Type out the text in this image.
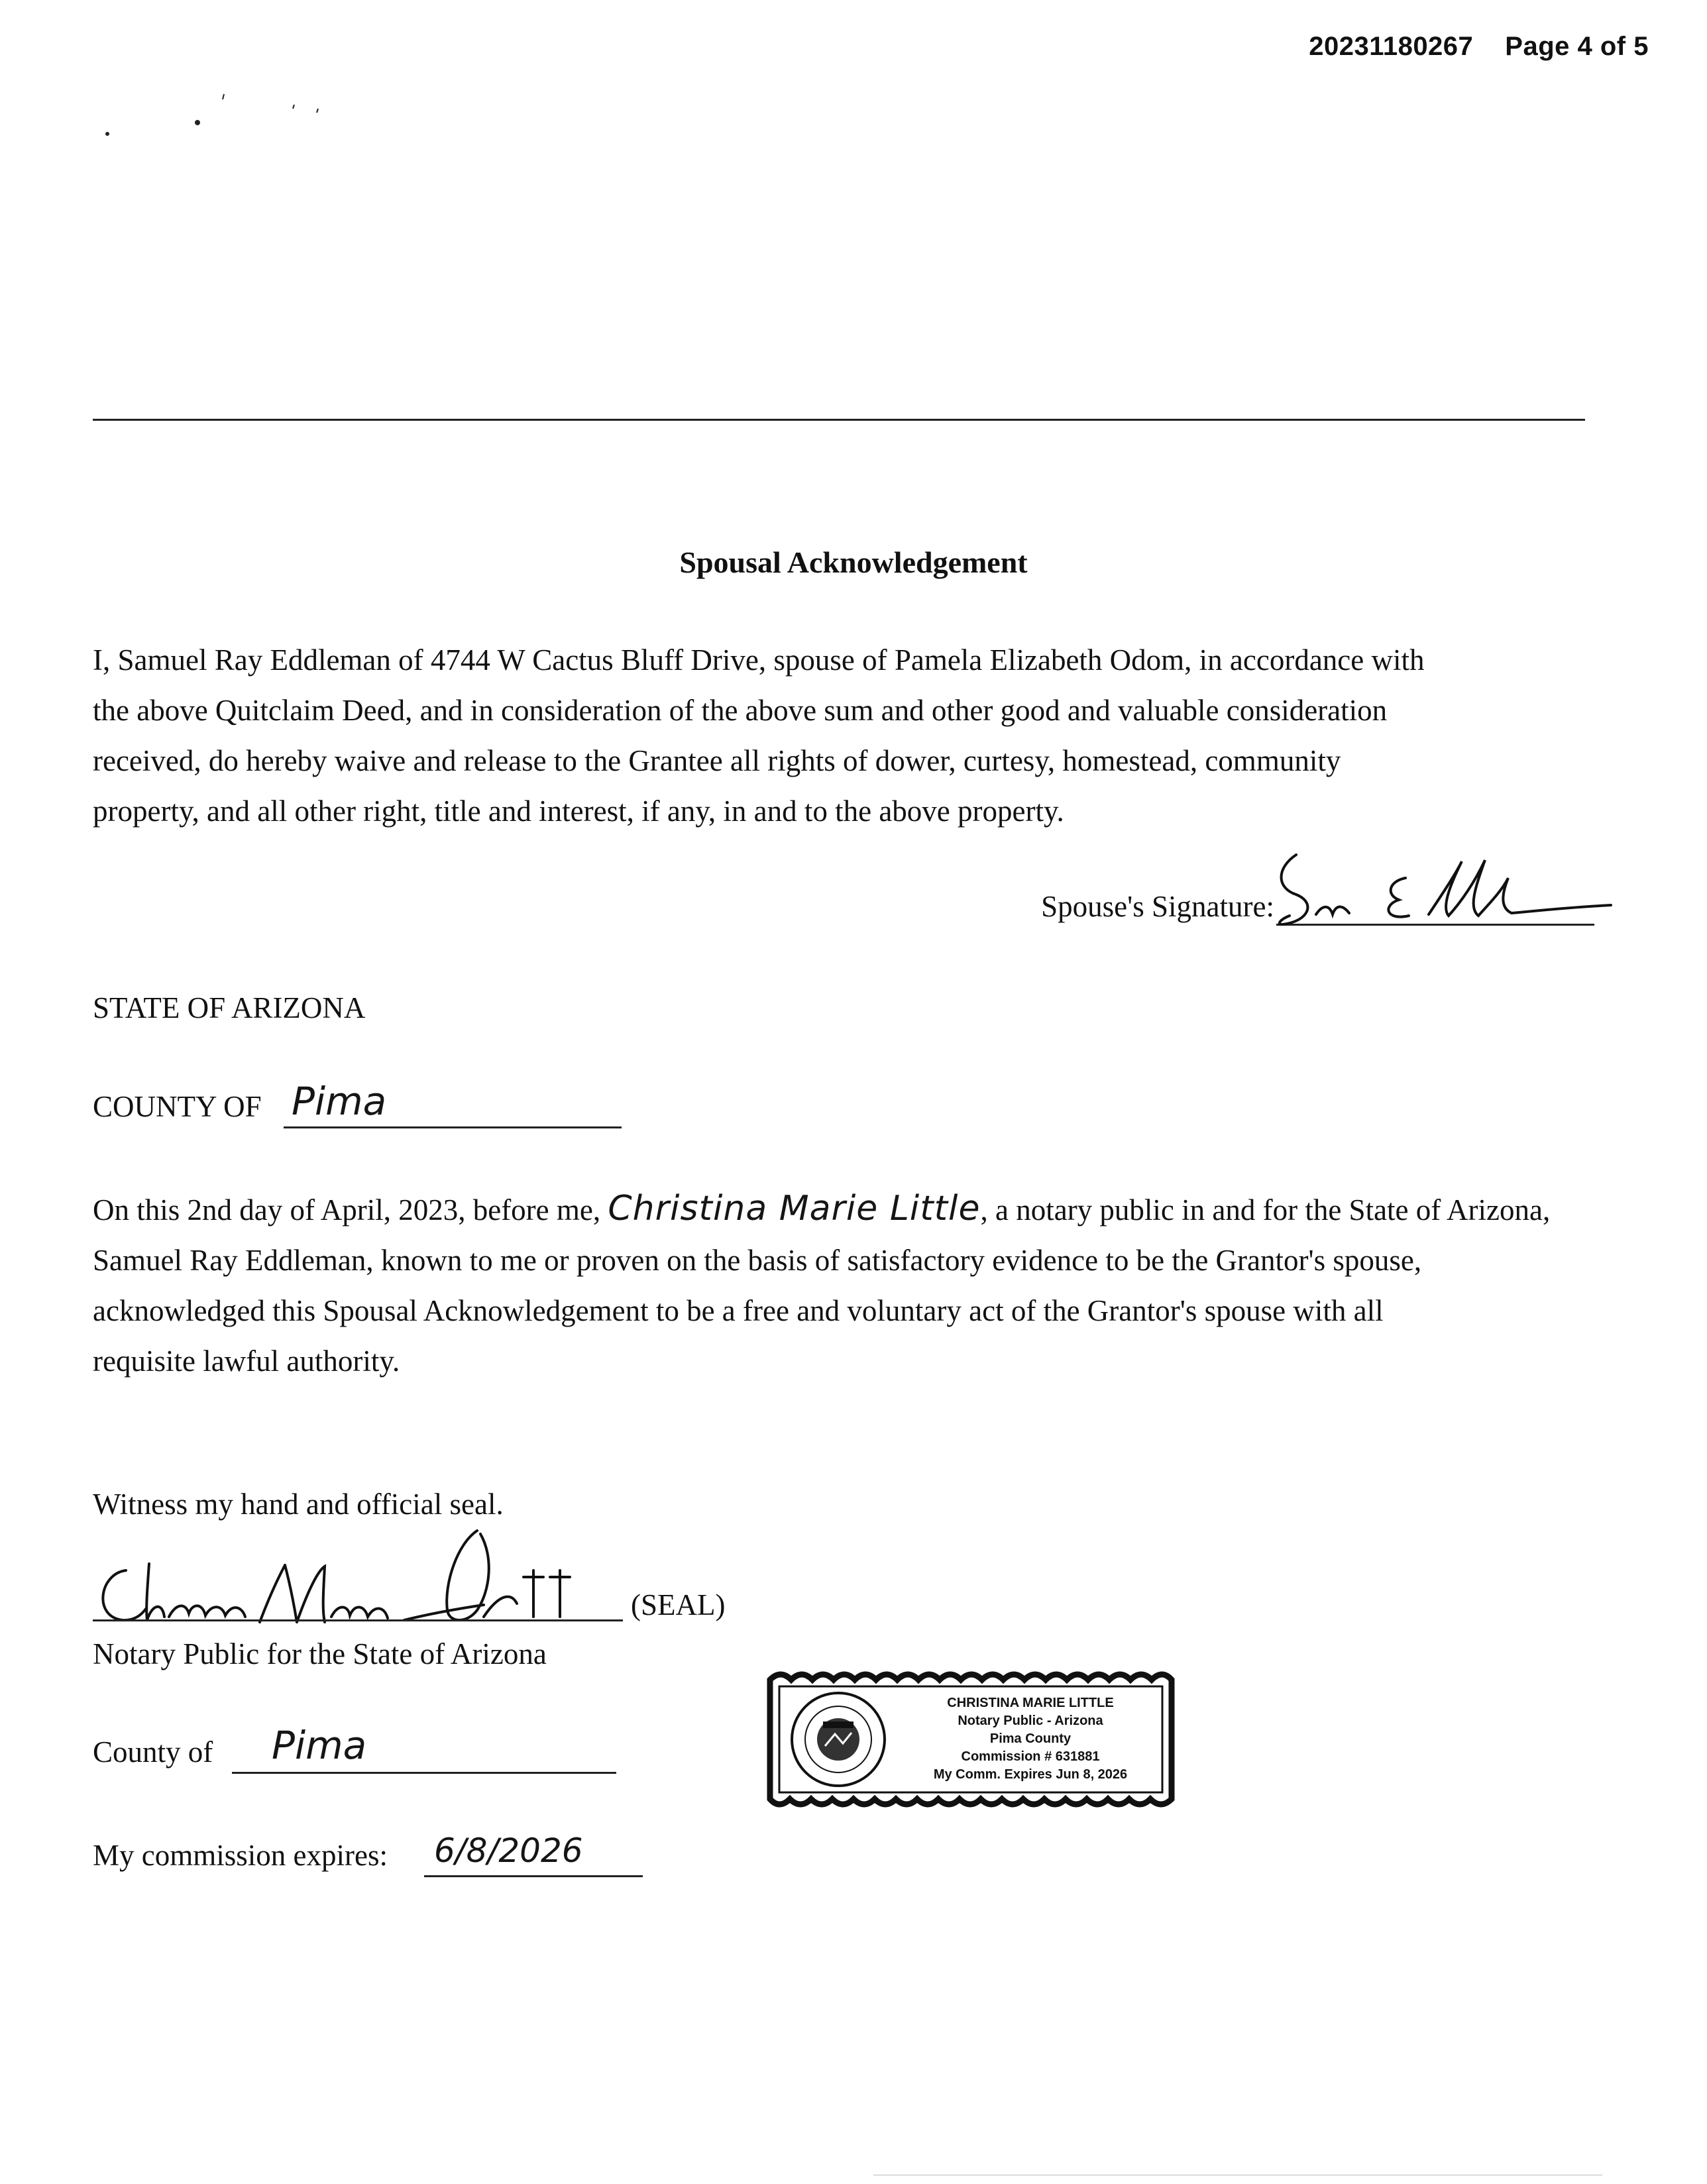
20231180267 Page 4 of 5
Spousal Acknowledgement
I, Samuel Ray Eddleman of 4744 W Cactus Bluff Drive, spouse of Pamela Elizabeth Odom, in accordance with
the above Quitclaim Deed, and in consideration of the above sum and other good and valuable consideration
received, do hereby waive and release to the Grantee all rights of dower, curtesy, homestead, community
property, and all other right, title and interest, if any, in and to the above property.
Spouse's Signature:
STATE OF ARIZONA
COUNTY OF Pima
On this 2nd day of April, 2023, before me, Christina Marie Little, a notary public in and for the State of Arizona,
Samuel Ray Eddleman, known to me or proven on the basis of satisfactory evidence to be the Grantor's spouse,
acknowledged this Spousal Acknowledgement to be a free and voluntary act of the Grantor's spouse with all
requisite lawful authority.
Witness my hand and official seal.
(SEAL)
Notary Public for the State of Arizona
County of Pima
My commission expires: 6/8/2026
CHRISTINA MARIE LITTLE
Notary Public - Arizona
Pima County
Commission # 631881
My Comm. Expires Jun 8, 2026
